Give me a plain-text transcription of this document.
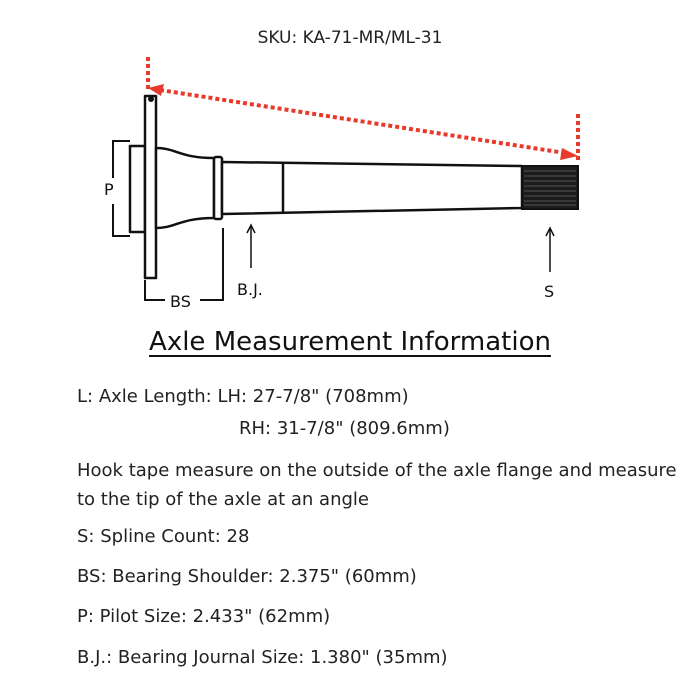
SKU: KA-71-MR/ML-31
P
BS
B.J.	S
Axle Measurement Information
L: Axle Length: LH: 27-7/8" (708mm)
RH: 31-7/8" (809.6mm)
Hook tape measure on the outside of the axle flange and measure to the tip of the axle at an angle
S: Spline Count: 28
BS: Bearing Shoulder: 2.375" (60mm)
P: Pilot Size: 2.433" (62mm)
B.J.: Bearing Journal Size: 1.380" (35mm)
